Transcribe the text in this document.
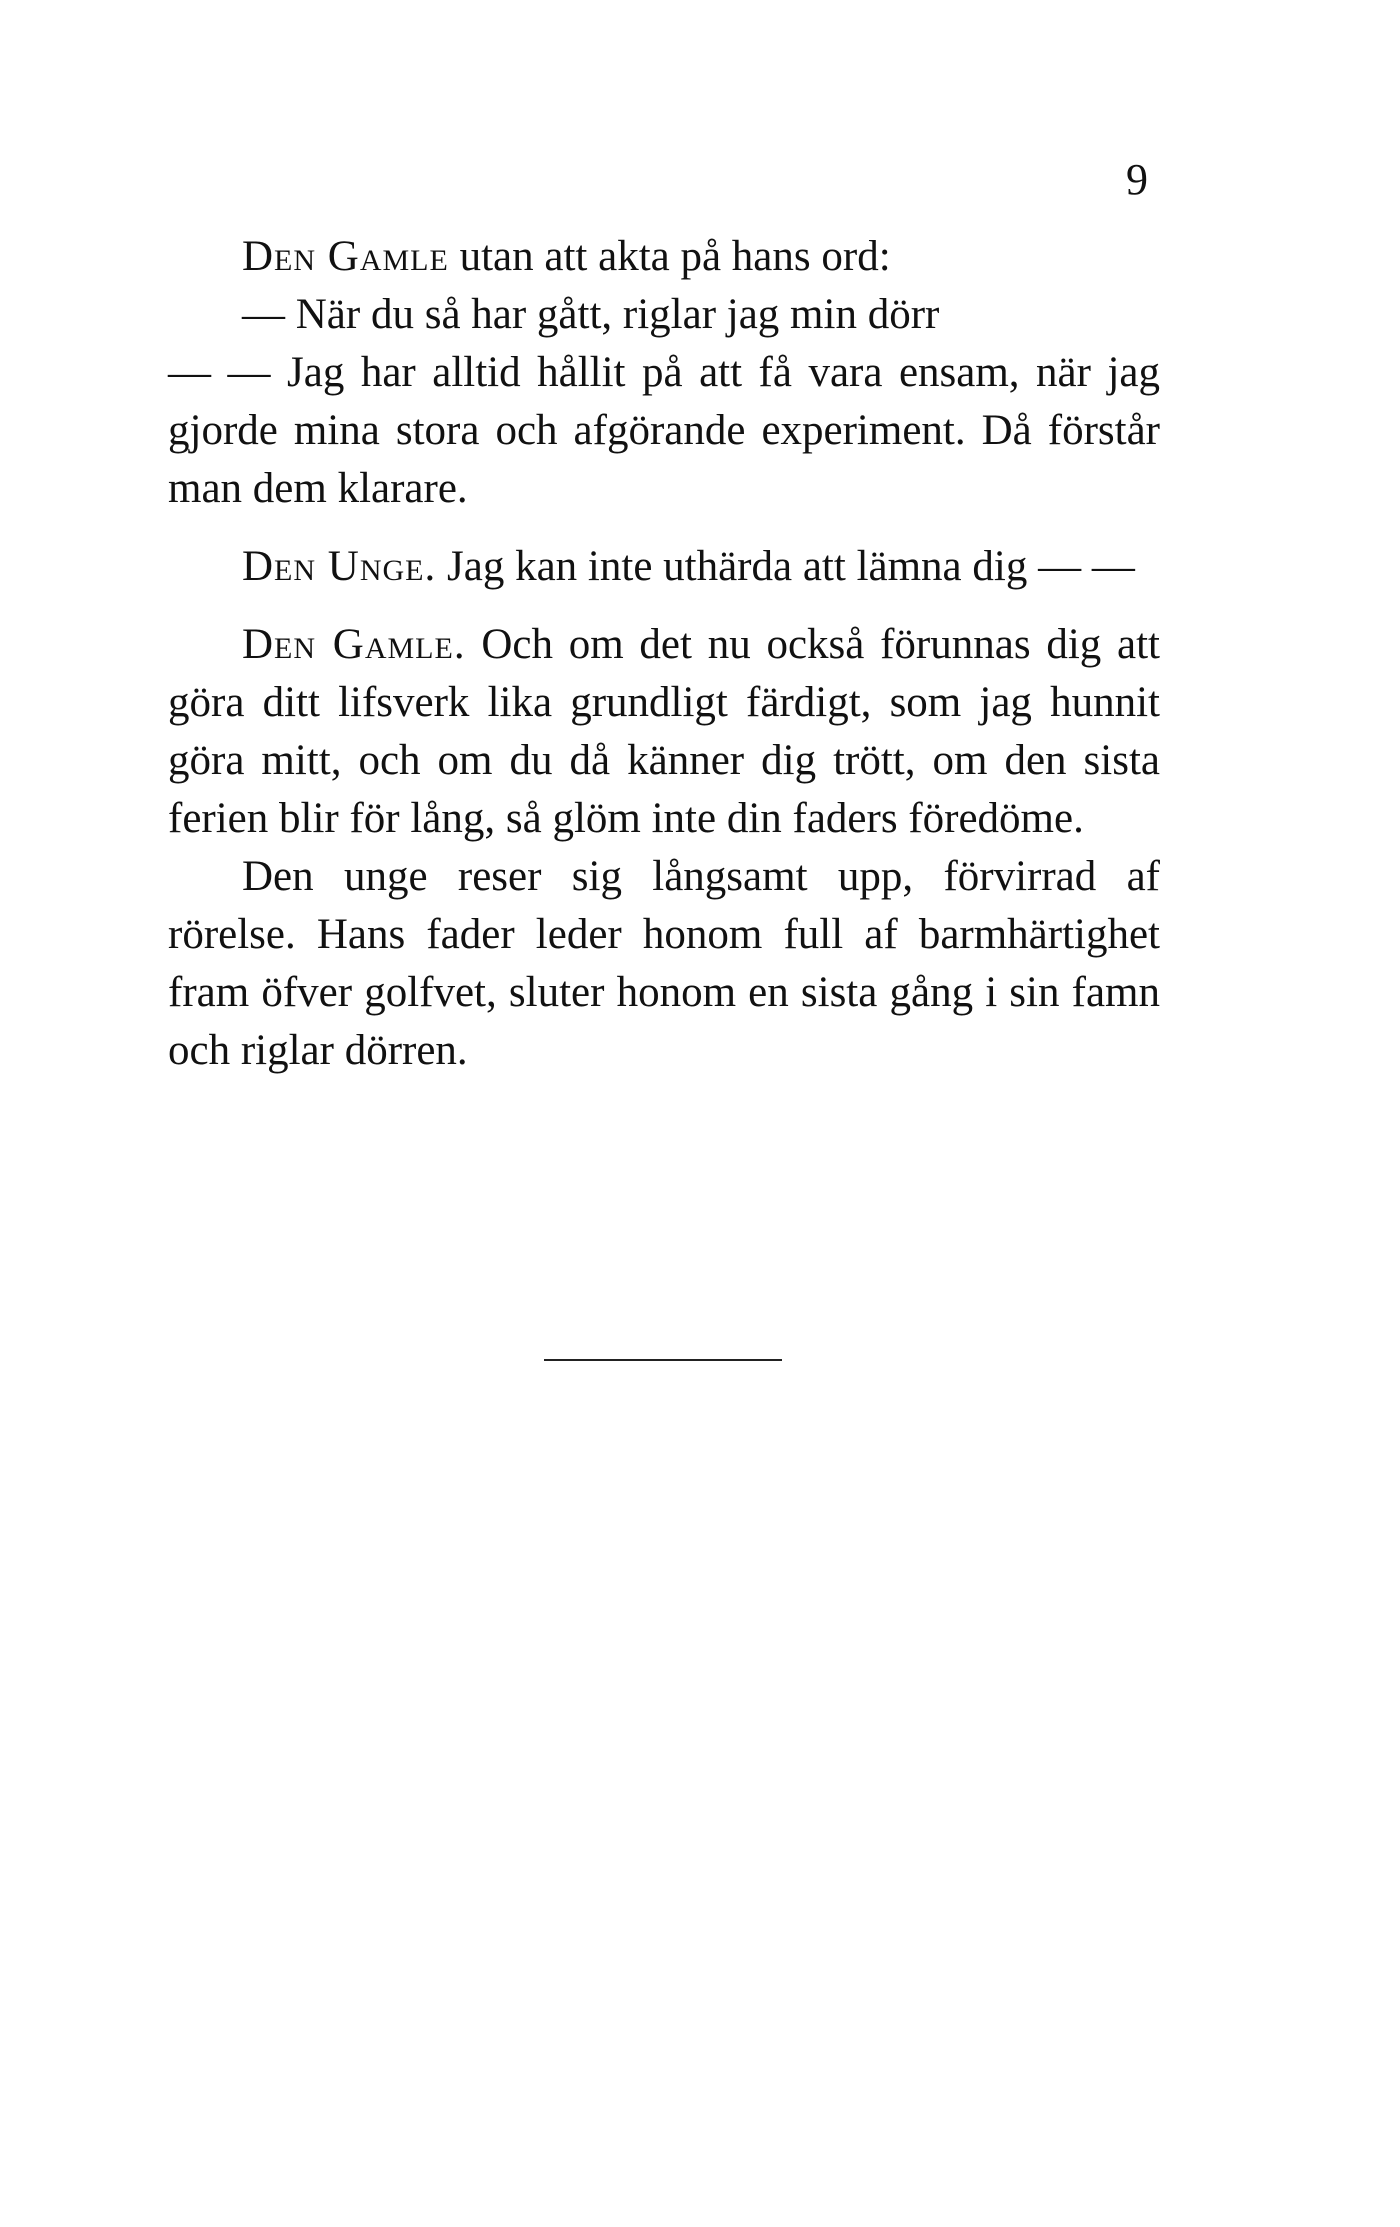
9

Den Gamle utan att akta på hans ord:

— När du så har gått, riglar jag min dörr

— — Jag har alltid hållit på att få vara ensam, när jag gjorde mina stora och afgörande experiment. Då förstår man dem klarare.

Den Unge. Jag kan inte uthärda att lämna dig — —

Den Gamle. Och om det nu också förunnas dig att göra ditt lifsverk lika grundligt färdigt, som jag hunnit göra mitt, och om du då känner dig trött, om den sista ferien blir för lång, så glöm inte din faders föredöme.

Den unge reser sig långsamt upp, förvirrad af rörelse. Hans fader leder honom full af barmhärtighet fram öfver golfvet, sluter honom en sista gång i sin famn och riglar dörren.
